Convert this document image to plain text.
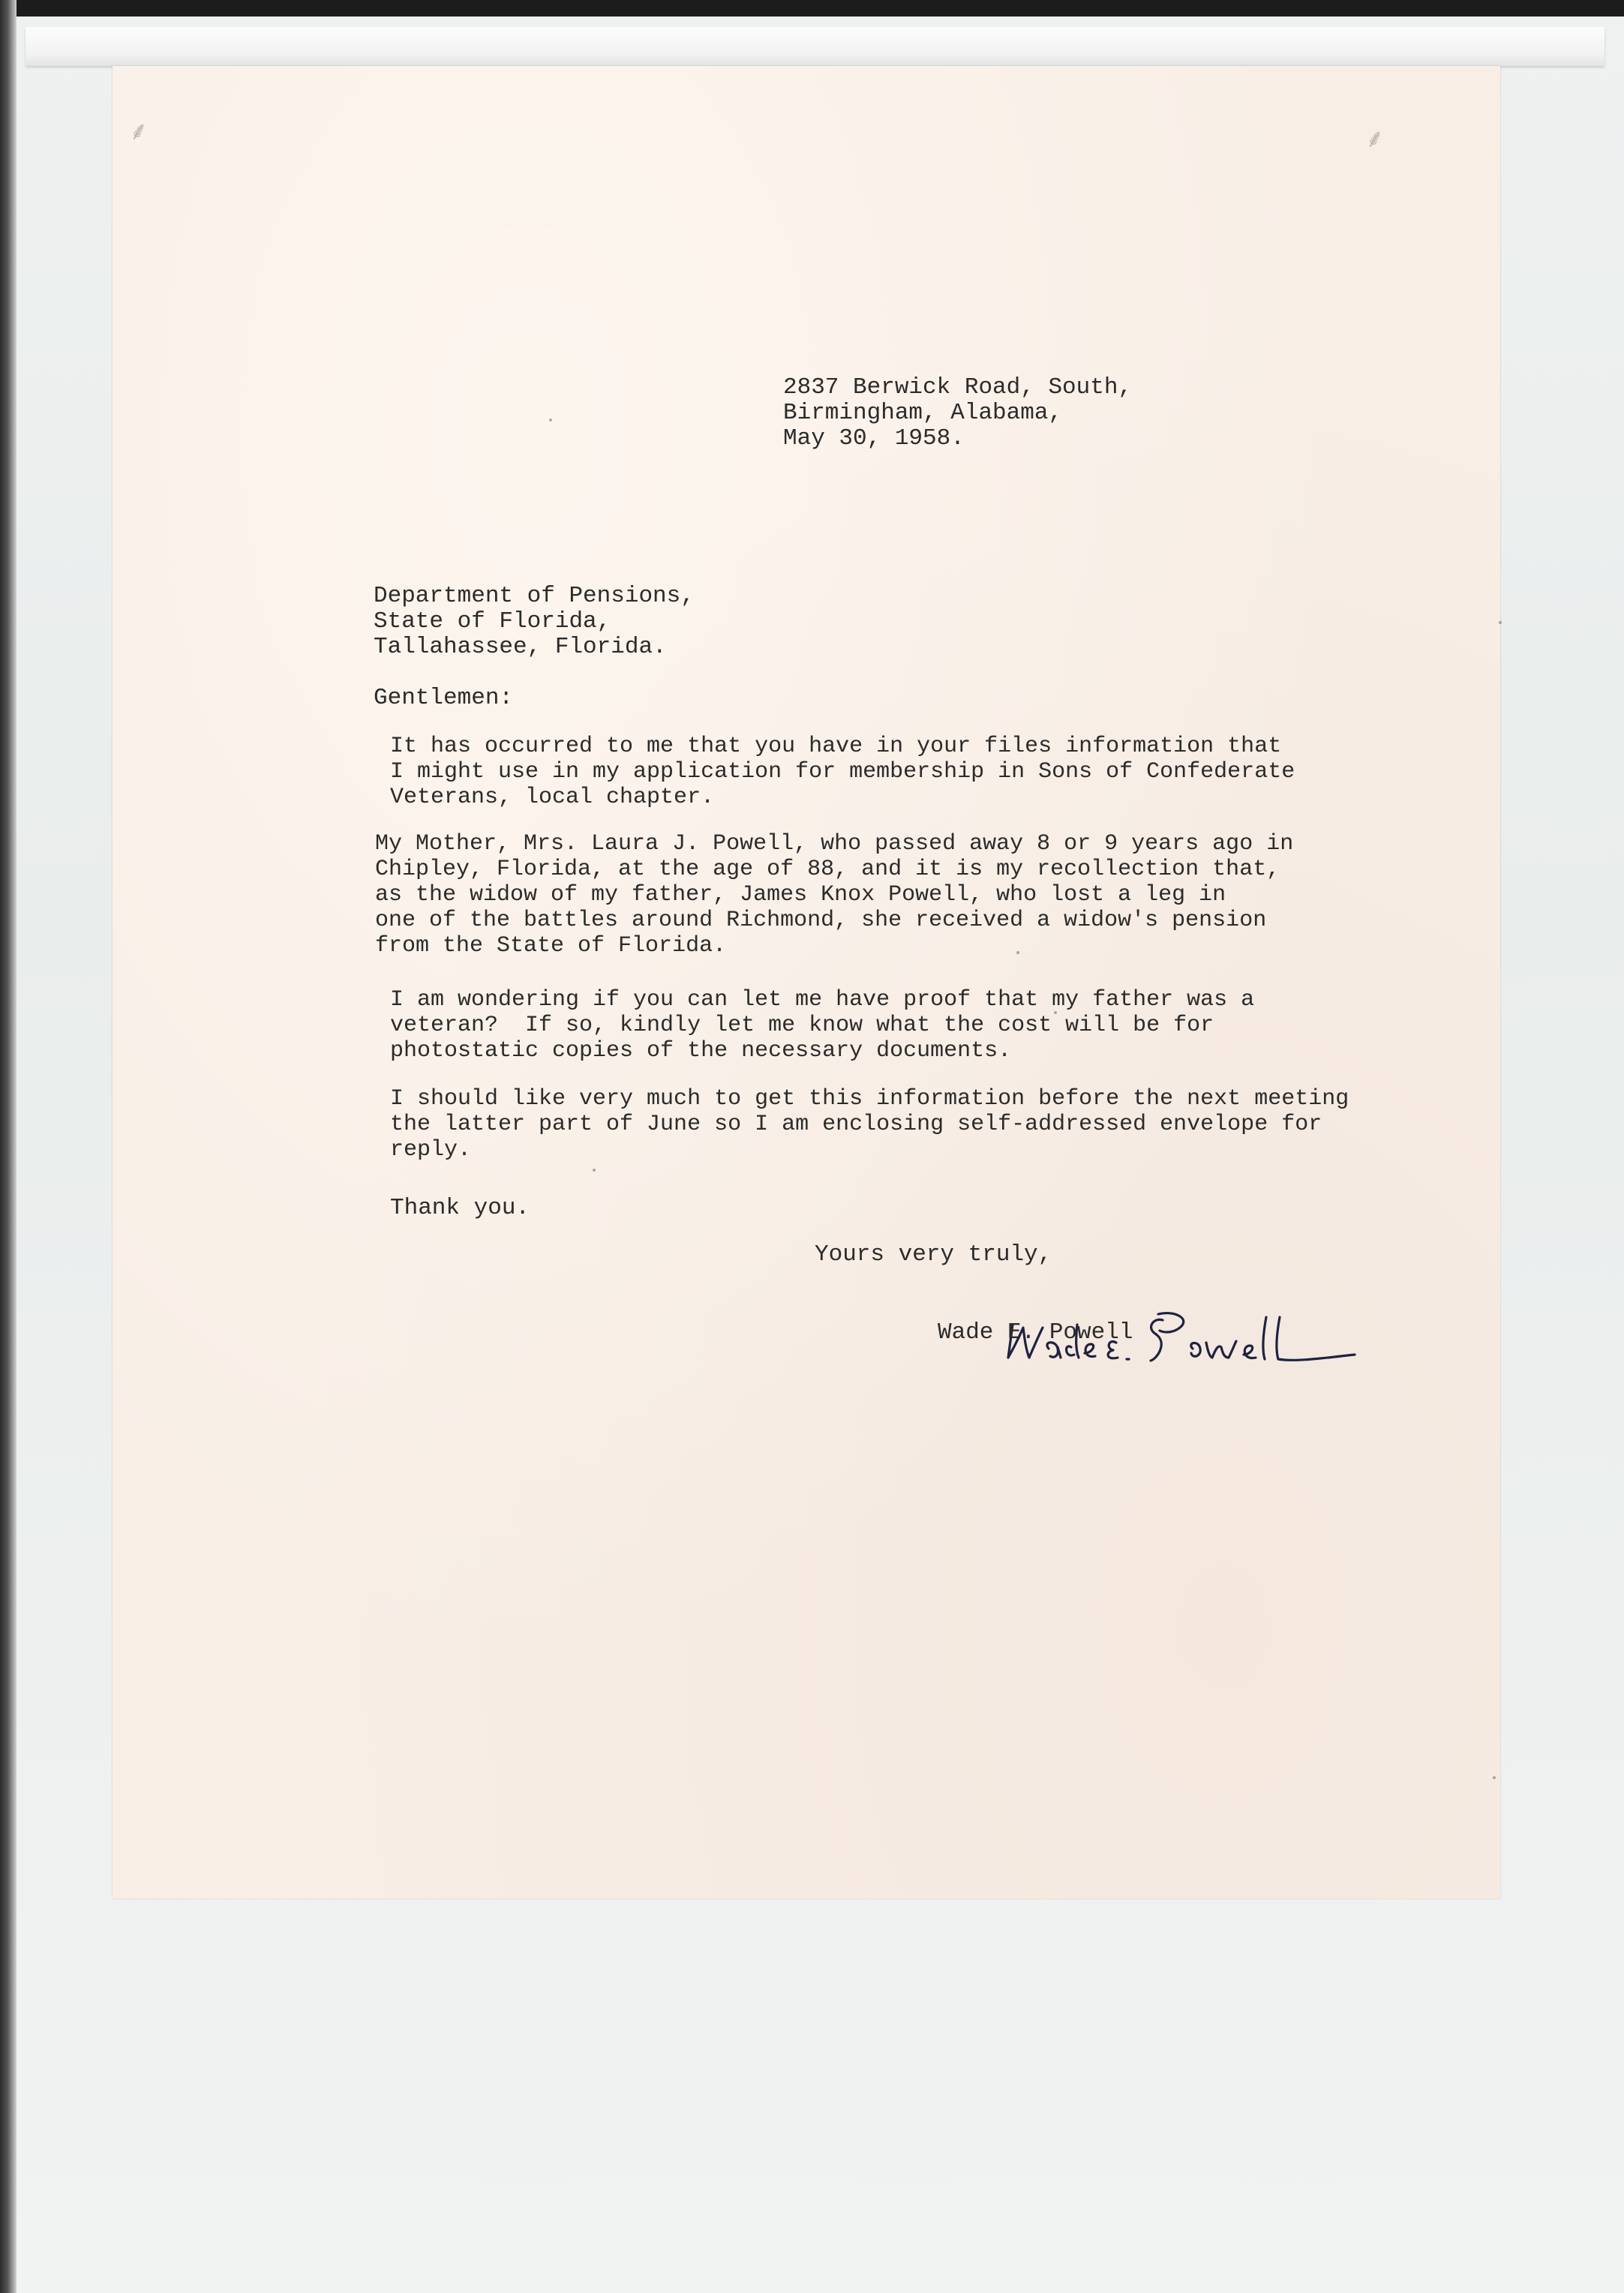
⸙	⸙
2837 Berwick Road, South,
Birmingham, Alabama,
May 30, 1958.
Department of Pensions,
State of Florida,
Tallahassee, Florida.
Gentlemen:
It has occurred to me that you have in your files information that
I might use in my application for membership in Sons of Confederate
Veterans, local chapter.
My Mother, Mrs. Laura J. Powell, who passed away 8 or 9 years ago in
Chipley, Florida, at the age of 88, and it is my recollection that,
as the widow of my father, James Knox Powell, who lost a leg in
one of the battles around Richmond, she received a widow's pension
from the State of Florida.
I am wondering if you can let me have proof that my father was a
veteran?  If so, kindly let me know what the cost will be for
photostatic copies of the necessary documents.
I should like very much to get this information before the next meeting
the latter part of June so I am enclosing self-addressed envelope for
reply.
Thank you.
Yours very truly,
Wade E. Powell
